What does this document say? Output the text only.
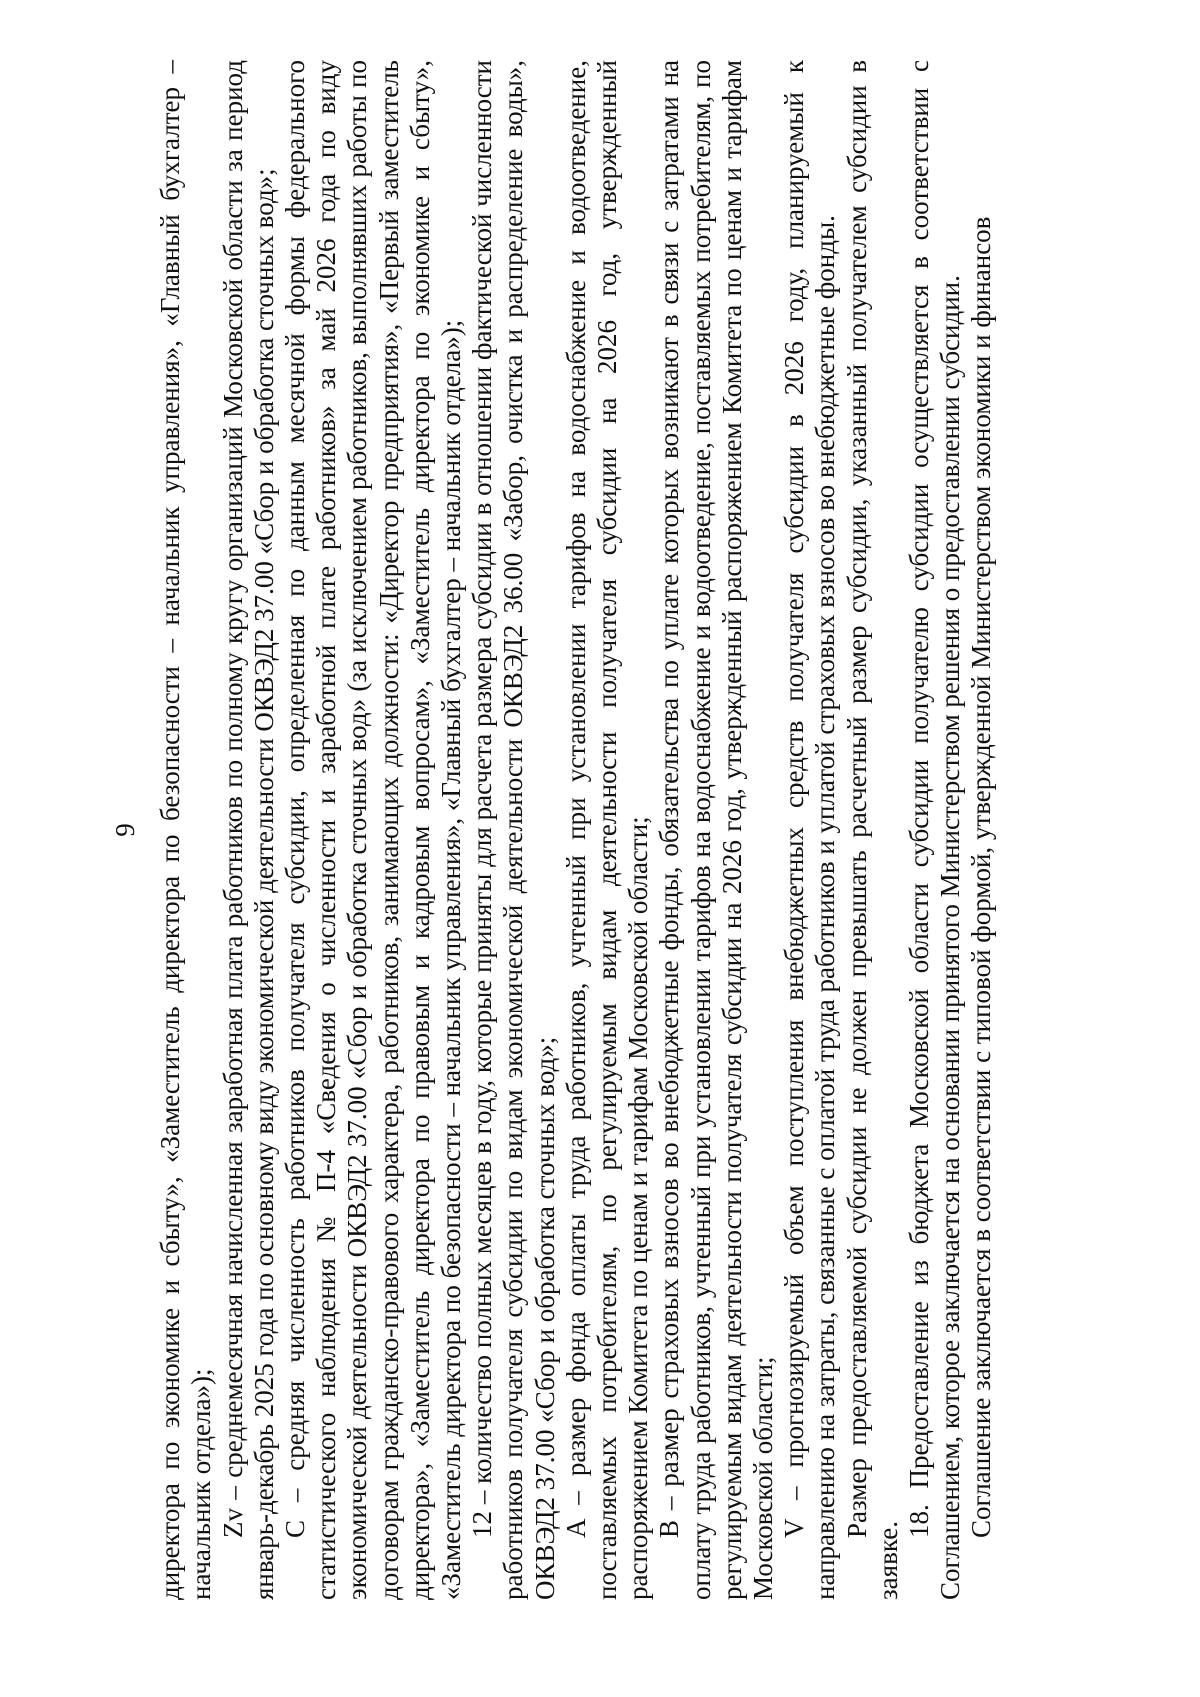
9 директора по экономике и сбыту», «Заместитель директора по безопасности – начальник управления», «Главный бухгалтер – начальник отдела»); Zv – среднемесячная начисленная заработная плата работников по полному кругу организаций Московской области за период январь-декабрь 2025 года по основному виду экономической деятельности ОКВЭД2 37.00 «Сбор и обработка сточных вод»; C – средняя численность работников получателя субсидии, определенная по данным месячной формы федерального статистического наблюдения № П-4 «Сведения о численности и заработной плате работников» за май 2026 года по виду экономической деятельности ОКВЭД2 37.00 «Сбор и обработка сточных вод» (за исключением работников, выполнявших работы по договорам гражданско-правового характера, работников, занимающих должности: «Директор предприятия», «Первый заместитель директора», «Заместитель директора по правовым и кадровым вопросам», «Заместитель директора по экономике и сбыту», «Заместитель директора по безопасности – начальник управления», «Главный бухгалтер – начальник отдела»); 12 – количество полных месяцев в году, которые приняты для расчета размера субсидии в отношении фактической численности работников получателя субсидии по видам экономической деятельности ОКВЭД2 36.00 «Забор, очистка и распределение воды», ОКВЭД2 37.00 «Сбор и обработка сточных вод»; A – размер фонда оплаты труда работников, учтенный при установлении тарифов на водоснабжение и водоотведение, поставляемых потребителям, по регулируемым видам деятельности получателя субсидии на 2026 год, утвержденный распоряжением Комитета по ценам и тарифам Московской области; B – размер страховых взносов во внебюджетные фонды, обязательства по уплате которых возникают в связи с затратами на оплату труда работников, учтенный при установлении тарифов на водоснабжение и водоотведение, поставляемых потребителям, по регулируемым видам деятельности получателя субсидии на 2026 год, утвержденный распоряжением Комитета по ценам и тарифам Московской области; V – прогнозируемый объем поступления внебюджетных средств получателя субсидии в 2026 году, планируемый к направлению на затраты, связанные с оплатой труда работников и уплатой страховых взносов во внебюджетные фонды. Размер предоставляемой субсидии не должен превышать расчетный размер субсидии, указанный получателем субсидии в заявке.

18. Предоставление из бюджета Московской области субсидии получателю субсидии осуществляется в соответствии с Соглашением, которое заключается на основании принятого Министерством решения о предоставлении субсидии. Соглашение заключается в соответствии с типовой формой, утвержденной Министерством экономики и финансов
